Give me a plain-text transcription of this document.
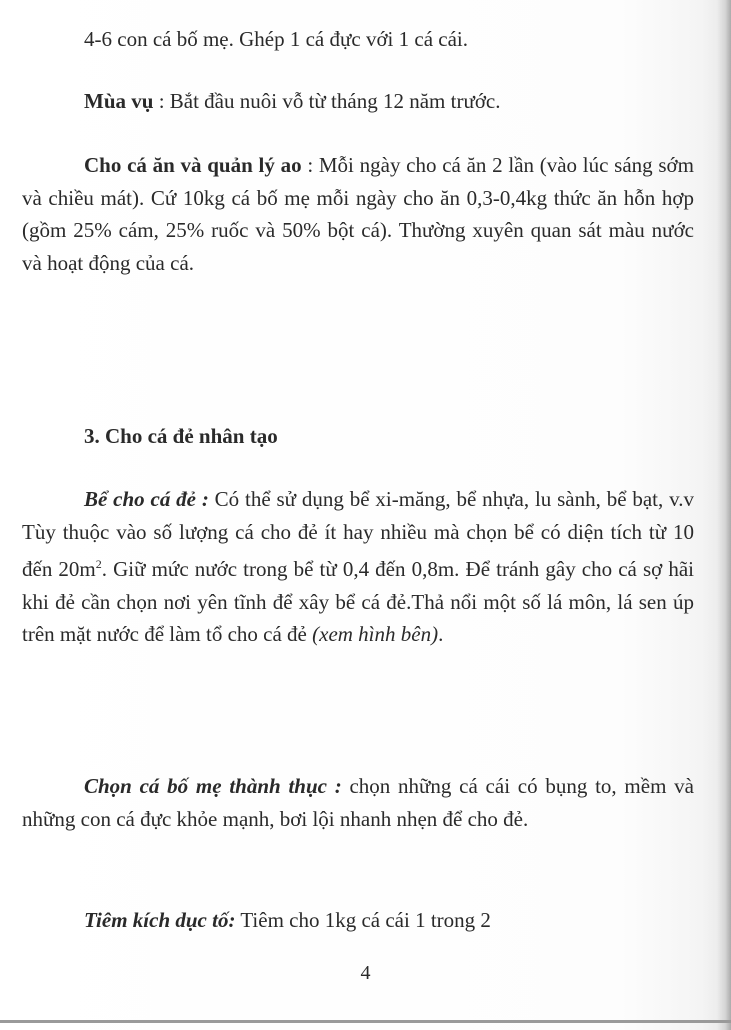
4-6 con cá bố mẹ. Ghép 1 cá đực với 1 cá cái.

Mùa vụ : Bắt đầu nuôi vỗ từ tháng 12 năm trước.

Cho cá ăn và quản lý ao : Mỗi ngày cho cá ăn 2 lần (vào lúc sáng sớm và chiều mát). Cứ 10kg cá bố mẹ mỗi ngày cho ăn 0,3-0,4kg thức ăn hỗn hợp (gồm 25% cám, 25% ruốc và 50% bột cá). Thường xuyên quan sát màu nước và hoạt động của cá.

3. Cho cá đẻ nhân tạo

Bể cho cá đẻ : Có thể sử dụng bể xi-măng, bể nhựa, lu sành, bể bạt, v.v Tùy thuộc vào số lượng cá cho đẻ ít hay nhiều mà chọn bể có diện tích từ 10 đến $20m^2$. Giữ mức nước trong bể từ 0,4 đến 0,8m. Để tránh gây cho cá sợ hãi khi đẻ cần chọn nơi yên tĩnh để xây bể cá đẻ.Thả nổi một số lá môn, lá sen úp trên mặt nước để làm tổ cho cá đẻ (xem hình bên).

Chọn cá bố mẹ thành thục : chọn những cá cái có bụng to, mềm và những con cá đực khỏe mạnh, bơi lội nhanh nhẹn để cho đẻ.

Tiêm kích dục tố: Tiêm cho 1kg cá cái 1 trong 2

4
